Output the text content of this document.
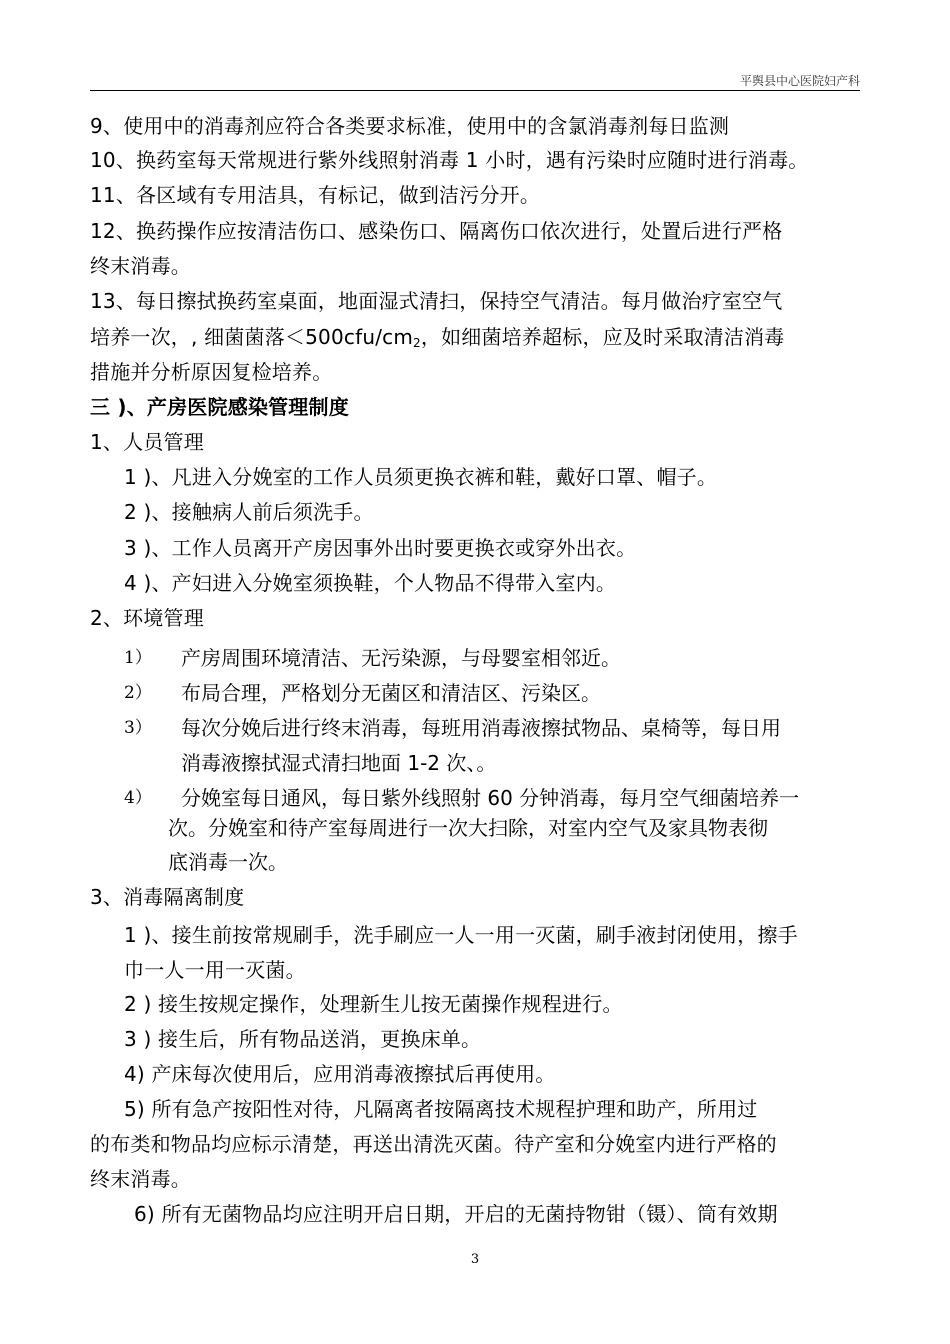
平舆县中心医院妇产科
9、使用中的消毒剂应符合各类要求标准，使用中的含氯消毒剂每日监测
10、换药室每天常规进行紫外线照射消毒 1 小时，遇有污染时应随时进行消毒。
11、各区域有专用洁具，有标记，做到洁污分开。
12、换药操作应按清洁伤口、感染伤口、隔离伤口依次进行，处置后进行严格
终末消毒。
13、每日擦拭换药室桌面，地面湿式清扫，保持空气清洁。每月做治疗室空气
培养一次，, 细菌菌落$<500cfu/cm_2$，如细菌培养超标，应及时采取清洁消毒
措施并分析原因复检培养。
三 )、产房医院感染管理制度
1、人员管理
1 )、凡进入分娩室的工作人员须更换衣裤和鞋，戴好口罩、帽子。
2 )、接触病人前后须洗手。
3 )、工作人员离开产房因事外出时要更换衣或穿外出衣。
4 )、产妇进入分娩室须换鞋，个人物品不得带入室内。
2、环境管理
1） 产房周围环境清洁、无污染源，与母婴室相邻近。
2） 布局合理，严格划分无菌区和清洁区、污染区。
3） 每次分娩后进行终末消毒，每班用消毒液擦拭物品、桌椅等，每日用
消毒液擦拭湿式清扫地面 1-2 次、。
4） 分娩室每日通风，每日紫外线照射 60 分钟消毒，每月空气细菌培养一
次。分娩室和待产室每周进行一次大扫除，对室内空气及家具物表彻
底消毒一次。
3、消毒隔离制度
1 )、接生前按常规刷手，洗手刷应一人一用一灭菌，刷手液封闭使用，擦手
巾一人一用一灭菌。
2 ) 接生按规定操作，处理新生儿按无菌操作规程进行。
3 ) 接生后，所有物品送消，更换床单。
4) 产床每次使用后，应用消毒液擦拭后再使用。
5) 所有急产按阳性对待，凡隔离者按隔离技术规程护理和助产，所用过
的布类和物品均应标示清楚，再送出清洗灭菌。待产室和分娩室内进行严格的
终末消毒。
6) 所有无菌物品均应注明开启日期，开启的无菌持物钳（镊）、筒有效期
3
